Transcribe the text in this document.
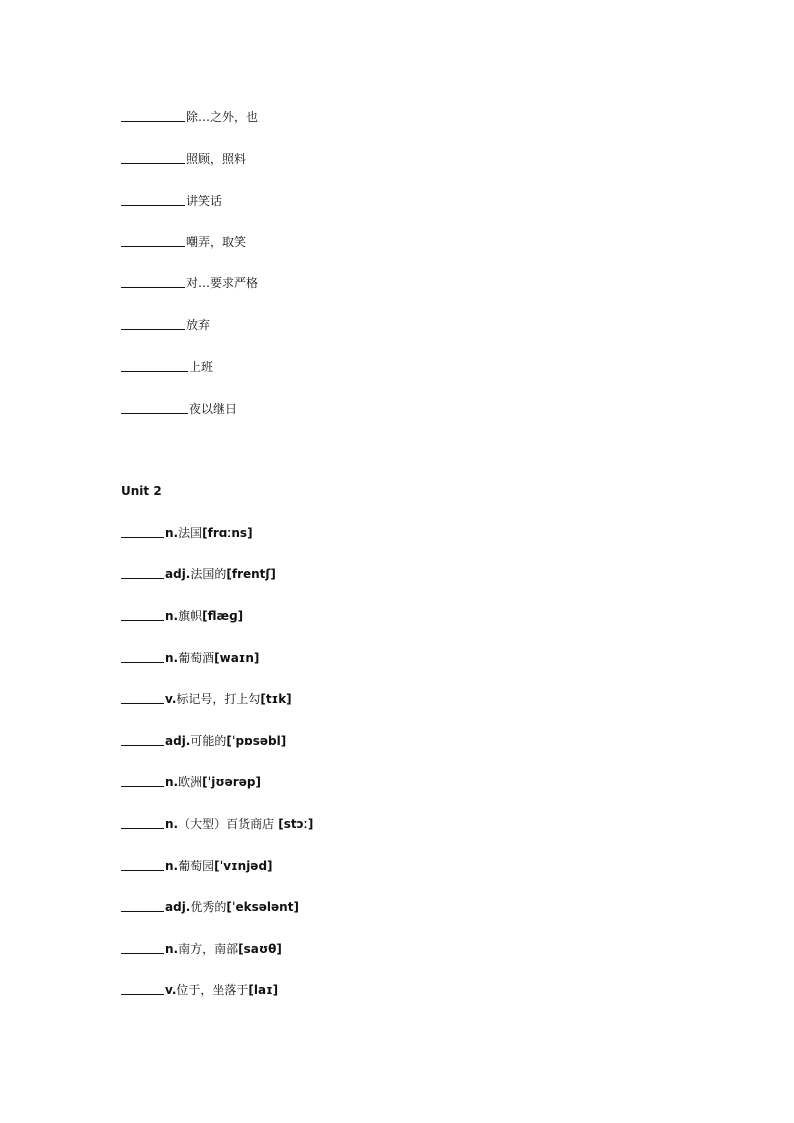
除…之外，也
照顾，照料
讲笑话
嘲弄，取笑
对…要求严格
放弃
上班
夜以继日
Unit 2
n.法国[frɑːns]
adj.法国的[frentʃ]
n.旗帜[flæɡ]
n.葡萄酒[waɪn]
v.标记号，打上勾[tɪk]
adj.可能的[ˈpɒsəbl]
n.欧洲[ˈjʊərəp]
n.（大型）百货商店 [stɔː]
n.葡萄园[ˈvɪnjəd]
adj.优秀的[ˈeksələnt]
n.南方，南部[saʊθ]
v.位于，坐落于[laɪ]
